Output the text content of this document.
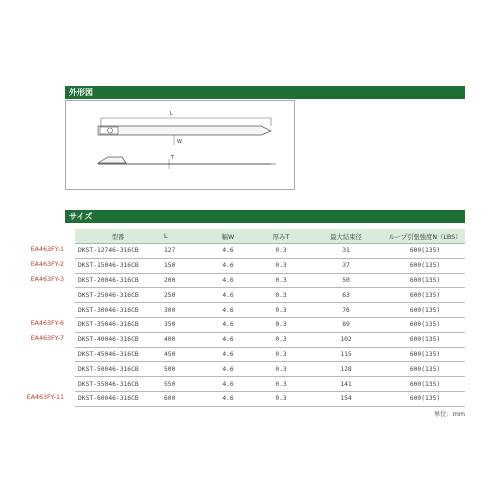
外形図
L
W
T
サイズ
型番	L	幅W	厚みT	最大結束径	ループ引張強度N（LBS）
DKST-12746-316CB	127	4.6	0.3	31	600(135)
DKST-15046-316CB	150	4.6	0.3	37	600(135)
DKST-20046-316CB	200	4.6	0.3	50	600(135)
DKST-25046-316CB	250	4.6	0.3	63	600(135)
DKST-30046-316CB	300	4.6	0.3	76	600(135)
DKST-35046-316CB	350	4.6	0.3	89	600(135)
DKST-40046-316CB	400	4.6	0.3	102	600(135)
DKST-45046-316CB	450	4.6	0.3	115	600(135)
DKST-50046-316CB	500	4.6	0.3	128	600(135)
DKST-55046-316CB	550	4.6	0.3	141	600(135)
DKST-60046-316CB	600	4.6	0.3	154	600(135)
EA463FY-1
EA463FY-2
EA463FY-3
EA463FY-6
EA463FY-7
EA463FY-11
単位：mm
